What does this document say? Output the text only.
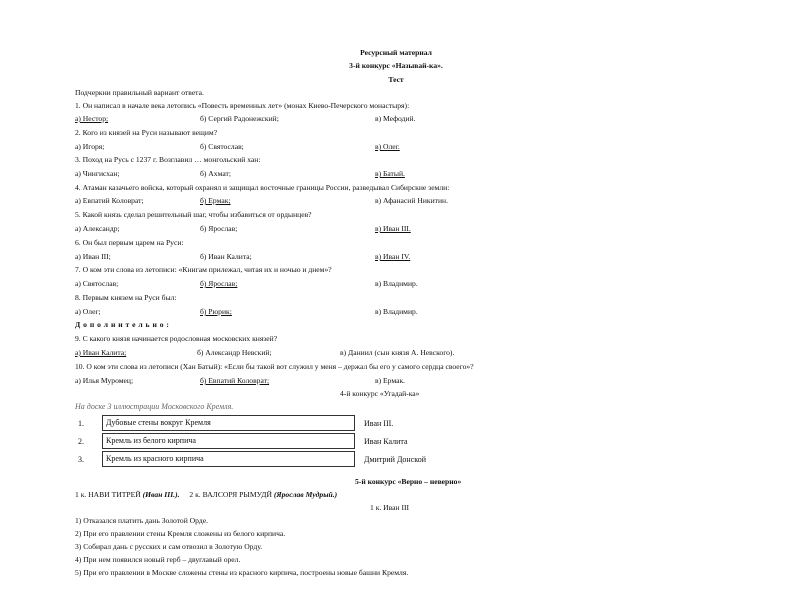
Ресурсный материал
3-й конкурс «Называй-ка».
Тест
Подчеркни правильный вариант ответа.
1. Он написал в начале века летопись «Повесть временных лет» (монах Киево-Печерского монастыря):
а) Нестор;	б) Сергий Радонежский;	в) Мефодий.
2. Кого из князей на Руси называют вещим?
а) Игоря;	б) Святослав;	в) Олег.
3. Поход на Русь с 1237 г. Возглавил … монгольский хан:
а) Чингисхан;	б) Ахмат;	в) Батый.
4. Атаман казачьего войска, который охранял и защищал восточные границы России, разведывал Сибирские земли:
а) Евпатий Коловрат;	б) Ермак;	в) Афанасий Никитин.
5. Какой князь сделал решительный шаг, чтобы избавиться от ордынцев?
а) Александр;	б) Ярослав;	в) Иван III.
6. Он был первым царем на Руси:
а) Иван III;	б) Иван Калита;	в) Иван IV.
7. О ком эти слова из летописи: «Книгам прилежал, читая их и ночью и днем»?
а) Святослав;	б) Ярослав;	в) Владимир.
8. Первым князем на Руси был:
а) Олег;	б) Рюрик;	в) Владимир.
Д о п о л н и т е л ь н о :
9. С какого князя начинается родословная московских князей?
а) Иван Калита;	б) Александр Невский;	в) Даниил (сын князя А. Невского).
10. О ком эти слова из летописи (Хан Батый): «Если бы такой вот служил у меня – держал бы его у самого сердца своего»?
а) Илья Муромец;	б) Евпатий Коловрат;	в) Ермак.
4-й конкурс «Угадай-ка»
На доске 3 иллюстрации Московского Кремля.
1.	Дубовые стены вокруг Кремля	Иван III.
2.	Кремль из белого кирпича	Иван Калита
3.	Кремль из красного кирпича	Дмитрий Донской
5-й конкурс «Верно – неверно»
1 к. НАВИ ТИТРЕЙ (Иван III.). 2 к. ВАЛСОРЯ РЫМУДЙ (Ярослав Мудрый.)
1 к. Иван III
1) Отказался платить дань Золотой Орде.
2) При его правлении стены Кремля сложены из белого кирпича.
3) Собирал дань с русских и сам отвозил в Золотую Орду.
4) При нем появился новый герб – двуглавый орел.
5) При его правлении в Москве сложены стены из красного кирпича, построены новые башни Кремля.
